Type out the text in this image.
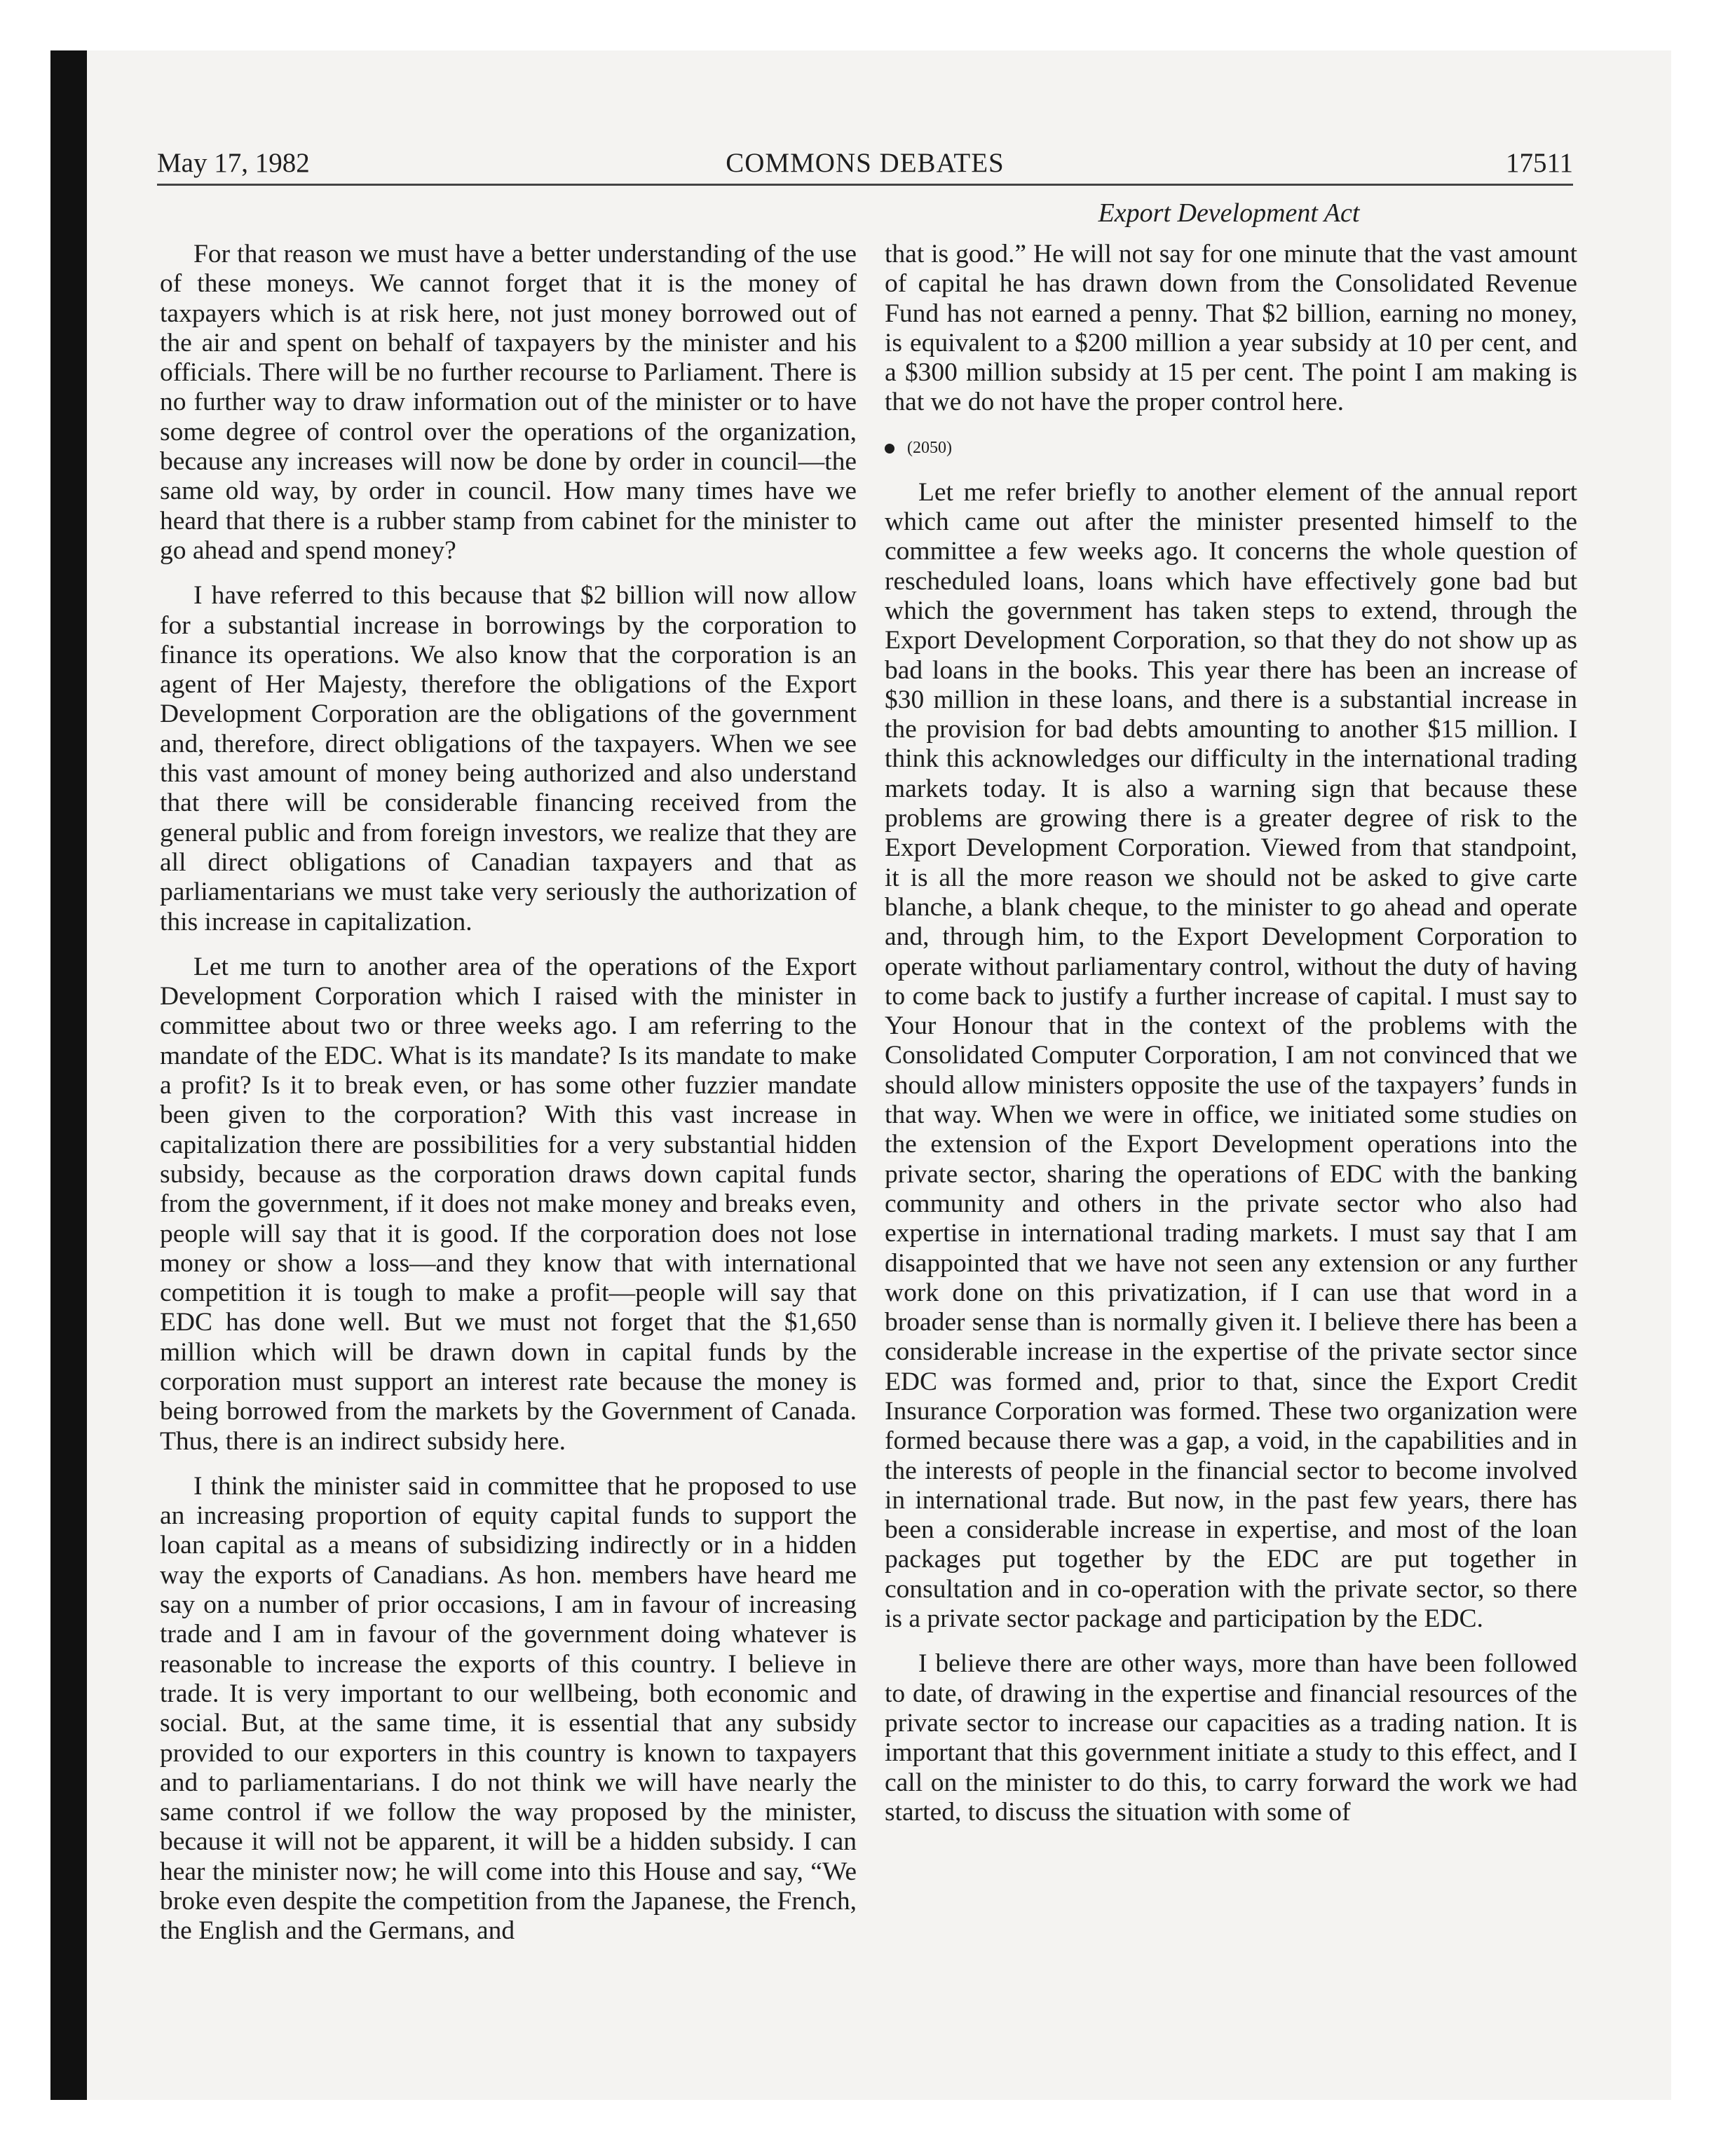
May 17, 1982	COMMONS DEBATES	17511
Export Development Act

For that reason we must have a better understanding of the use of these moneys. We cannot forget that it is the money of taxpayers which is at risk here, not just money borrowed out of the air and spent on behalf of taxpayers by the minister and his officials. There will be no further recourse to Parliament. There is no further way to draw information out of the minister or to have some degree of control over the operations of the organization, because any increases will now be done by order in council—the same old way, by order in council. How many times have we heard that there is a rubber stamp from cabinet for the minister to go ahead and spend money?

I have referred to this because that $2 billion will now allow for a substantial increase in borrowings by the corporation to finance its operations. We also know that the corporation is an agent of Her Majesty, therefore the obligations of the Export Development Corporation are the obligations of the government and, therefore, direct obligations of the taxpayers. When we see this vast amount of money being authorized and also understand that there will be considerable financing received from the general public and from foreign investors, we realize that they are all direct obligations of Canadian taxpayers and that as parliamentarians we must take very seriously the authorization of this increase in capitalization.

Let me turn to another area of the operations of the Export Development Corporation which I raised with the minister in committee about two or three weeks ago. I am referring to the mandate of the EDC. What is its mandate? Is its mandate to make a profit? Is it to break even, or has some other fuzzier mandate been given to the corporation? With this vast increase in capitalization there are possibilities for a very substantial hidden subsidy, because as the corporation draws down capital funds from the government, if it does not make money and breaks even, people will say that it is good. If the corporation does not lose money or show a loss—and they know that with international competition it is tough to make a profit—people will say that EDC has done well. But we must not forget that the $1,650 million which will be drawn down in capital funds by the corporation must support an interest rate because the money is being borrowed from the markets by the Government of Canada. Thus, there is an indirect subsidy here.

I think the minister said in committee that he proposed to use an increasing proportion of equity capital funds to support the loan capital as a means of subsidizing indirectly or in a hidden way the exports of Canadians. As hon. members have heard me say on a number of prior occasions, I am in favour of increasing trade and I am in favour of the government doing whatever is reasonable to increase the exports of this country. I believe in trade. It is very important to our wellbeing, both economic and social. But, at the same time, it is essential that any subsidy provided to our exporters in this country is known to taxpayers and to parliamentarians. I do not think we will have nearly the same control if we follow the way proposed by the minister, because it will not be apparent, it will be a hidden subsidy. I can hear the minister now; he will come into this House and say, “We broke even despite the competition from the Japanese, the French, the English and the Germans, and

that is good.” He will not say for one minute that the vast amount of capital he has drawn down from the Consolidated Revenue Fund has not earned a penny. That $2 billion, earning no money, is equivalent to a $200 million a year subsidy at 10 per cent, and a $300 million subsidy at 15 per cent. The point I am making is that we do not have the proper control here.

(2050)

Let me refer briefly to another element of the annual report which came out after the minister presented himself to the committee a few weeks ago. It concerns the whole question of rescheduled loans, loans which have effectively gone bad but which the government has taken steps to extend, through the Export Development Corporation, so that they do not show up as bad loans in the books. This year there has been an increase of $30 million in these loans, and there is a substantial increase in the provision for bad debts amounting to another $15 million. I think this acknowledges our difficulty in the international trading markets today. It is also a warning sign that because these problems are growing there is a greater degree of risk to the Export Development Corporation. Viewed from that standpoint, it is all the more reason we should not be asked to give carte blanche, a blank cheque, to the minister to go ahead and operate and, through him, to the Export Development Corporation to operate without parliamentary control, without the duty of having to come back to justify a further increase of capital. I must say to Your Honour that in the context of the problems with the Consolidated Computer Corporation, I am not convinced that we should allow ministers opposite the use of the taxpayers’ funds in that way. When we were in office, we initiated some studies on the extension of the Export Development operations into the private sector, sharing the operations of EDC with the banking community and others in the private sector who also had expertise in international trading markets. I must say that I am disappointed that we have not seen any extension or any further work done on this privatization, if I can use that word in a broader sense than is normally given it. I believe there has been a considerable increase in the expertise of the private sector since EDC was formed and, prior to that, since the Export Credit Insurance Corporation was formed. These two organization were formed because there was a gap, a void, in the capabilities and in the interests of people in the financial sector to become involved in international trade. But now, in the past few years, there has been a considerable increase in expertise, and most of the loan packages put together by the EDC are put together in consultation and in co-operation with the private sector, so there is a private sector package and participation by the EDC.

I believe there are other ways, more than have been followed to date, of drawing in the expertise and financial resources of the private sector to increase our capacities as a trading nation. It is important that this government initiate a study to this effect, and I call on the minister to do this, to carry forward the work we had started, to discuss the situation with some of
